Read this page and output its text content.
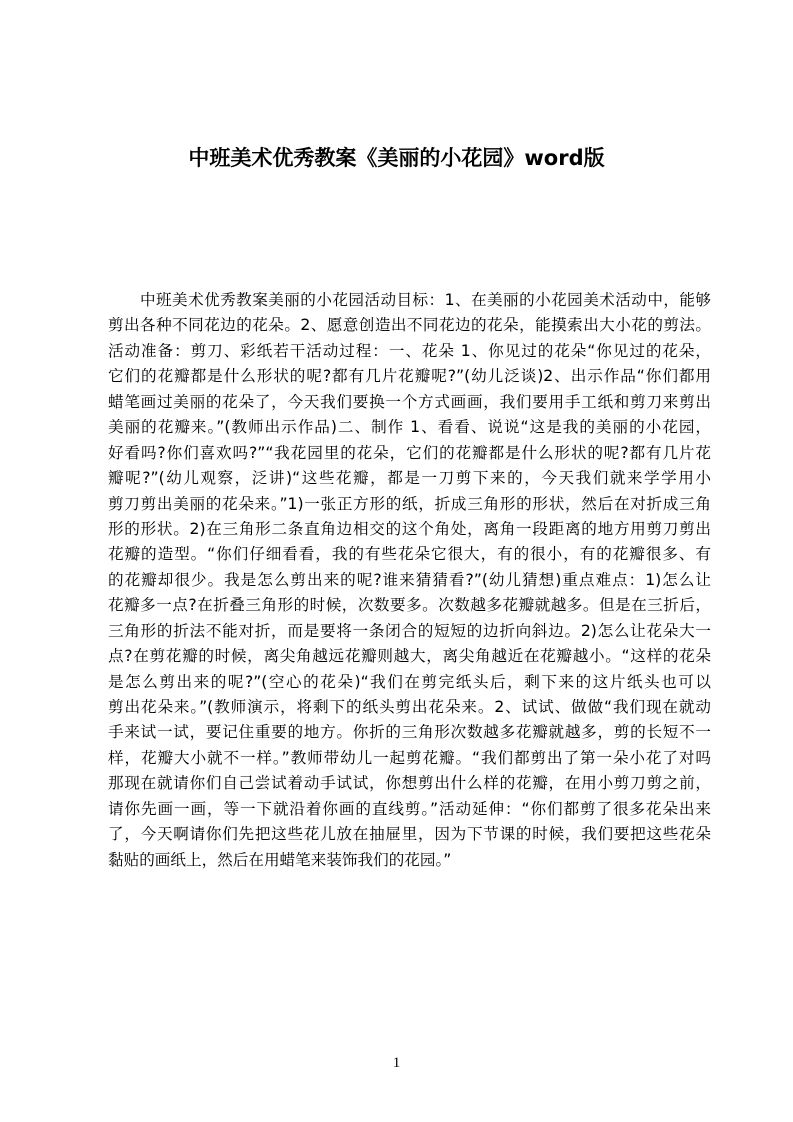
中班美术优秀教案《美丽的小花园》word版
中班美术优秀教案美丽的小花园活动目标：1、在美丽的小花园美术活动中，能够
剪出各种不同花边的花朵。2、愿意创造出不同花边的花朵，能摸索出大小花的剪法。
活动准备：剪刀、彩纸若干活动过程：一、花朵 1、你见过的花朵“你见过的花朵，
它们的花瓣都是什么形状的呢?都有几片花瓣呢?”(幼儿泛谈)2、出示作品“你们都用
蜡笔画过美丽的花朵了，今天我们要换一个方式画画，我们要用手工纸和剪刀来剪出
美丽的花瓣来。”(教师出示作品)二、制作 1、看看、说说“这是我的美丽的小花园，
好看吗?你们喜欢吗?”“我花园里的花朵，它们的花瓣都是什么形状的呢?都有几片花
瓣呢?”(幼儿观察，泛讲)“这些花瓣，都是一刀剪下来的，今天我们就来学学用小
剪刀剪出美丽的花朵来。”1)一张正方形的纸，折成三角形的形状，然后在对折成三角
形的形状。2)在三角形二条直角边相交的这个角处，离角一段距离的地方用剪刀剪出
花瓣的造型。“你们仔细看看，我的有些花朵它很大，有的很小，有的花瓣很多、有
的花瓣却很少。我是怎么剪出来的呢?谁来猜猜看?”(幼儿猜想)重点难点：1)怎么让
花瓣多一点?在折叠三角形的时候，次数要多。次数越多花瓣就越多。但是在三折后，
三角形的折法不能对折，而是要将一条闭合的短短的边折向斜边。2)怎么让花朵大一
点?在剪花瓣的时候，离尖角越远花瓣则越大，离尖角越近在花瓣越小。“这样的花朵
是怎么剪出来的呢?”(空心的花朵)“我们在剪完纸头后，剩下来的这片纸头也可以
剪出花朵来。”(教师演示，将剩下的纸头剪出花朵来。2、试试、做做“我们现在就动
手来试一试，要记住重要的地方。你折的三角形次数越多花瓣就越多，剪的长短不一
样，花瓣大小就不一样。”教师带幼儿一起剪花瓣。“我们都剪出了第一朵小花了对吗
那现在就请你们自己尝试着动手试试，你想剪出什么样的花瓣，在用小剪刀剪之前，
请你先画一画，等一下就沿着你画的直线剪。”活动延伸：“你们都剪了很多花朵出来
了，今天啊请你们先把这些花儿放在抽屉里，因为下节课的时候，我们要把这些花朵
黏贴的画纸上，然后在用蜡笔来装饰我们的花园。”
1
